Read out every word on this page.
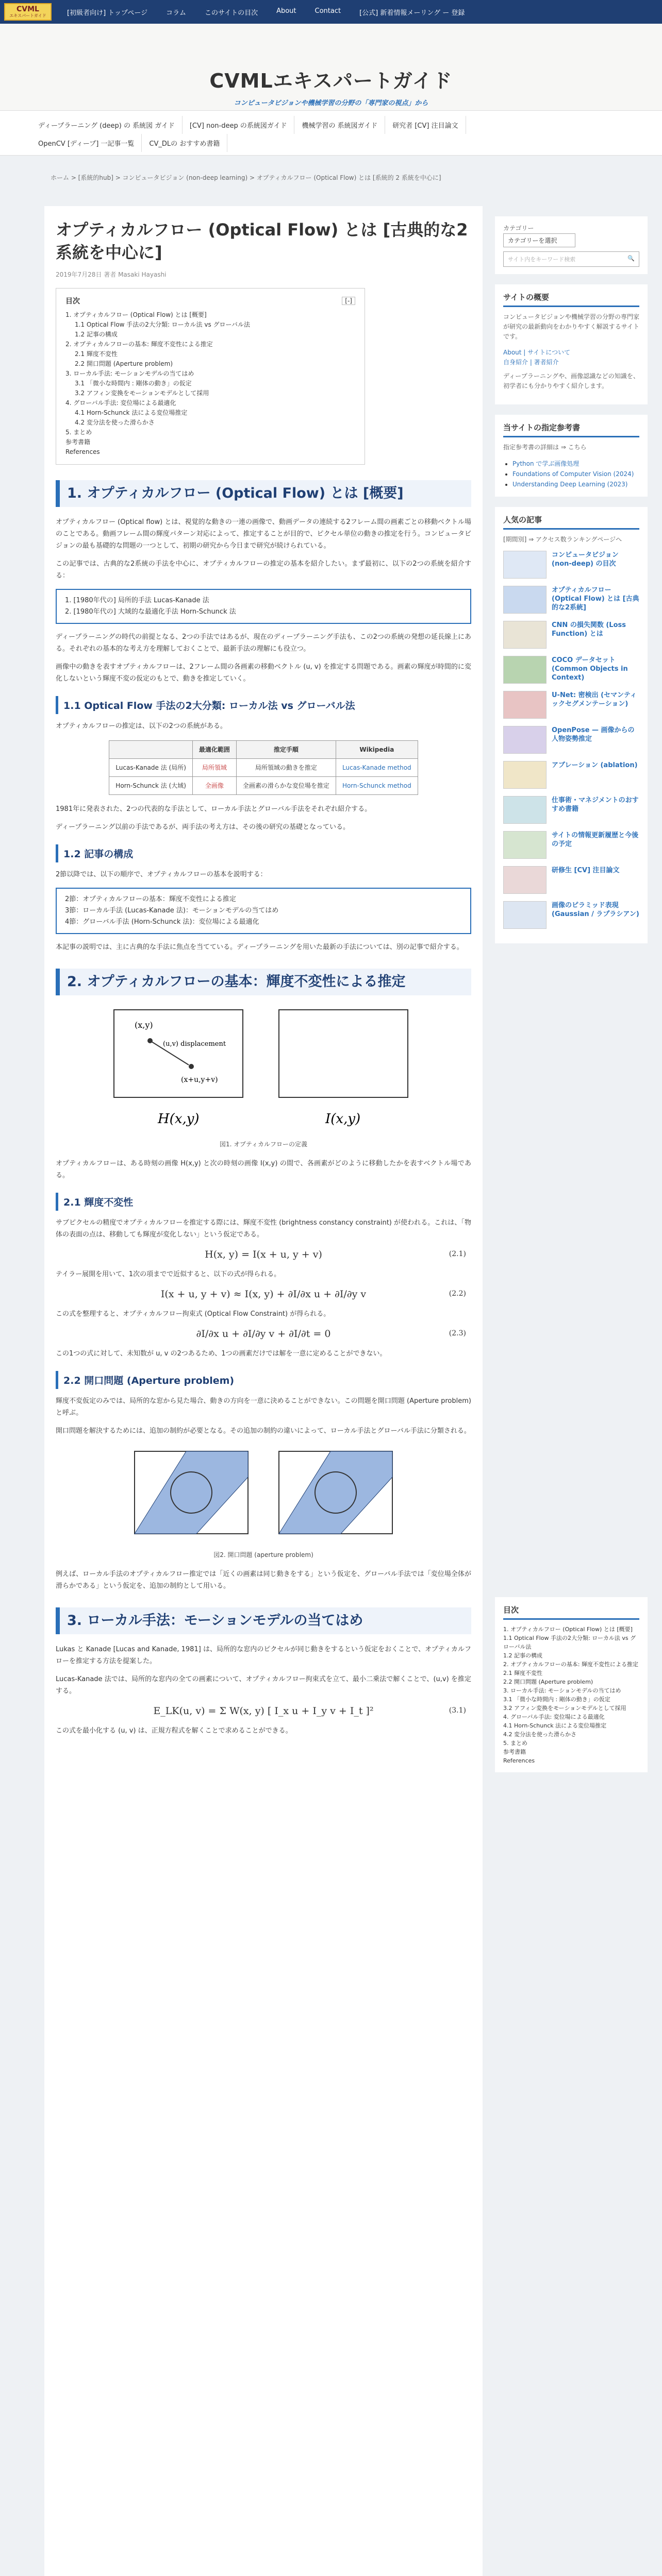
CVML
エキスパートガイド	[初級者向け] トップページ	コラム	このサイトの目次	About	Contact	[公式] 新着情報メーリング ー 登録
CVMLエキスパートガイド
コンピュータビジョンや機械学習の分野の「専門家の視点」から
ディープラーニング (deep) の 系統図 ガイド	[CV] non-deep の系統図ガイド	機械学習の 系統図ガイド	研究者 [CV] 注目論文
OpenCV [ディープ] 一記事一覧	CV_DLの おすすめ書籍
ホーム > [系統的hub] > コンピュータビジョン (non-deep learning) > オプティカルフロー (Optical Flow) とは [系統的 2 系統を中心に]
オプティカルフロー (Optical Flow) とは [古典的な2系統を中心に]
2019年7月28日 著者 Masaki Hayashi
目次	[-]
1. オプティカルフロー (Optical Flow) とは [概要]
1.1 Optical Flow 手法の2大分類: ローカル法 vs グローバル法
1.2 記事の構成
2. オプティカルフローの基本: 輝度不変性による推定
2.1 輝度不変性
2.2 開口問題 (Aperture problem)
3. ローカル手法: モーションモデルの当てはめ
3.1 「微小な時間内 : 剛体の動き」の仮定
3.2 アフィン変換をモーションモデルとして採用
4. グローバル手法: 変位場による最適化
4.1 Horn-Schunck 法による変位場推定
4.2 変分法を使った滑らかさ
5. まとめ
参考書籍
References
1. オプティカルフロー (Optical Flow) とは [概要]

オプティカルフロー (Optical flow) とは、視覚的な動きの一連の画像で、動画データの連続する2フレーム間の画素ごとの移動ベクトル場のことである。動画フレーム間の輝度パターン対応によって、推定することが目的で、ピクセル単位の動きの推定を行う。コンピュータビジョンの最も基礎的な問題の一つとして、初期の研究から今日まで研究が続けられている。

この記事では、古典的な2系統の手法を中心に、オプティカルフローの推定の基本を紹介したい。まず最初に、以下の2つの系統を紹介する：

1. [1980年代の] 局所的手法 Lucas-Kanade 法
2. [1980年代の] 大域的な最適化手法 Horn-Schunck 法

ディープラーニングの時代の前提となる、2つの手法ではあるが、現在のディープラーニング手法も、この2つの系統の発想の延長線上にある。それぞれの基本的な考え方を理解しておくことで、最新手法の理解にも役立つ。

画像中の動きを表すオプティカルフローは、2フレーム間の各画素の移動ベクトル (u, v) を推定する問題である。画素の輝度が時間的に変化しないという輝度不変の仮定のもとで、動きを推定していく。

1.1 Optical Flow 手法の2大分類: ローカル法 vs グローバル法

オプティカルフローの推定は、以下の2つの系統がある。

	最適化範囲	推定手順	Wikipedia
Lucas-Kanade 法 (局所)	局所領域	局所領域の動きを推定	Lucas-Kanade method
Horn-Schunck 法 (大域)	全画像	全画素の滑らかな変位場を推定	Horn-Schunck method

1981年に発表された、2つの代表的な手法として、ローカル手法とグローバル手法をそれぞれ紹介する。

ディープラーニング以前の手法であるが、両手法の考え方は、その後の研究の基礎となっている。

1.2 記事の構成

2節以降では、以下の順序で、オプティカルフローの基本を説明する：

2節：オプティカルフローの基本：輝度不変性による推定
3節：ローカル手法 (Lucas-Kanade 法)：モーションモデルの当てはめ
4節：グローバル手法 (Horn-Schunck 法)：変位場による最適化

本記事の説明では、主に古典的な手法に焦点を当てている。ディープラーニングを用いた最新の手法については、別の記事で紹介する。

2. オプティカルフローの基本：輝度不変性による推定
(x,y)
(u,v) displacement
(x+u,y+v)
H(x,y)	I(x,y)
図1. オプティカルフローの定義

オプティカルフローは、ある時刻の画像 H(x,y) と次の時刻の画像 I(x,y) の間で、各画素がどのように移動したかを表すベクトル場である。

2.1 輝度不変性

サブピクセルの精度でオプティカルフローを推定する際には、輝度不変性 (brightness constancy constraint) が使われる。これは、「物体の表面の点は、移動しても輝度が変化しない」という仮定である。

H(x, y) = I(x + u, y + v)	(2.1)

テイラー展開を用いて、1次の項までで近似すると、以下の式が得られる。

I(x + u, y + v) ≈ I(x, y) + ∂I/∂x u + ∂I/∂y v	(2.2)

この式を整理すると、オプティカルフロー拘束式 (Optical Flow Constraint) が得られる。

∂I/∂x u + ∂I/∂y v + ∂I/∂t = 0	(2.3)

この1つの式に対して、未知数が u, v の2つあるため、1つの画素だけでは解を一意に定めることができない。

2.2 開口問題 (Aperture problem)

輝度不変仮定のみでは、局所的な窓から見た場合、動きの方向を一意に決めることができない。この問題を開口問題 (Aperture problem) と呼ぶ。

開口問題を解決するためには、追加の制約が必要となる。その追加の制約の違いによって、ローカル手法とグローバル手法に分類される。

図2. 開口問題 (aperture problem)

例えば、ローカル手法のオプティカルフロー推定では「近くの画素は同じ動きをする」という仮定を、グローバル手法では「変位場全体が滑らかである」という仮定を、追加の制約として用いる。

3. ローカル手法：モーションモデルの当てはめ

Lukas と Kanade [Lucas and Kanade, 1981] は、局所的な窓内のピクセルが同じ動きをするという仮定をおくことで、オプティカルフローを推定する方法を提案した。

Lucas-Kanade 法では、局所的な窓内の全ての画素について、オプティカルフロー拘束式を立て、最小二乗法で解くことで、(u,v) を推定する。

E_LK(u, v) = Σ W(x, y) [ I_x u + I_y v + I_t ]²	(3.1)

この式を最小化する (u, v) は、正規方程式を解くことで求めることができる。

カテゴリー
カテゴリーを選択
サイト内をキーワード検索	🔍
サイトの概要

コンピュータビジョンや機械学習の分野の専門家が研究の最新動向をわかりやすく解説するサイトです。

About | サイトについて
自身紹介 | 著者紹介

ディープラーニングや、画像認識などの知識を、初学者にも分かりやすく紹介します。

当サイトの指定参考書

指定参考書の詳細は ⇒ こちら

• Python で学ぶ画像処理
• Foundations of Computer Vision (2024)
• Understanding Deep Learning (2023)
人気の記事

[期間別] ⇒ アクセス数ランキングページへ

コンピュータビジョン (non-deep) の目次
オプティカルフロー (Optical Flow) とは [古典的な2系統]
CNN の損失関数 (Loss Function) とは
COCO データセット (Common Objects in Context)
U-Net: 密検出 (セマンティックセグメンテーション)
OpenPose — 画像からの人物姿勢推定
アブレーション (ablation)
仕事術・マネジメントのおすすめ書籍
サイトの情報更新履歴と今後の予定
研修生 [CV] 注目論文
画像のピラミッド表現 (Gaussian / ラプラシアン)
目次
1. オプティカルフロー (Optical Flow) とは [概要]
1.1 Optical Flow 手法の2大分類: ローカル法 vs グローバル法
1.2 記事の構成
2. オプティカルフローの基本: 輝度不変性による推定
2.1 輝度不変性
2.2 開口問題 (Aperture problem)
3. ローカル手法: モーションモデルの当てはめ
3.1 「微小な時間内 : 剛体の動き」の仮定
3.2 アフィン変換をモーションモデルとして採用
4. グローバル手法: 変位場による最適化
4.1 Horn-Schunck 法による変位場推定
4.2 変分法を使った滑らかさ
5. まとめ
参考書籍
References
